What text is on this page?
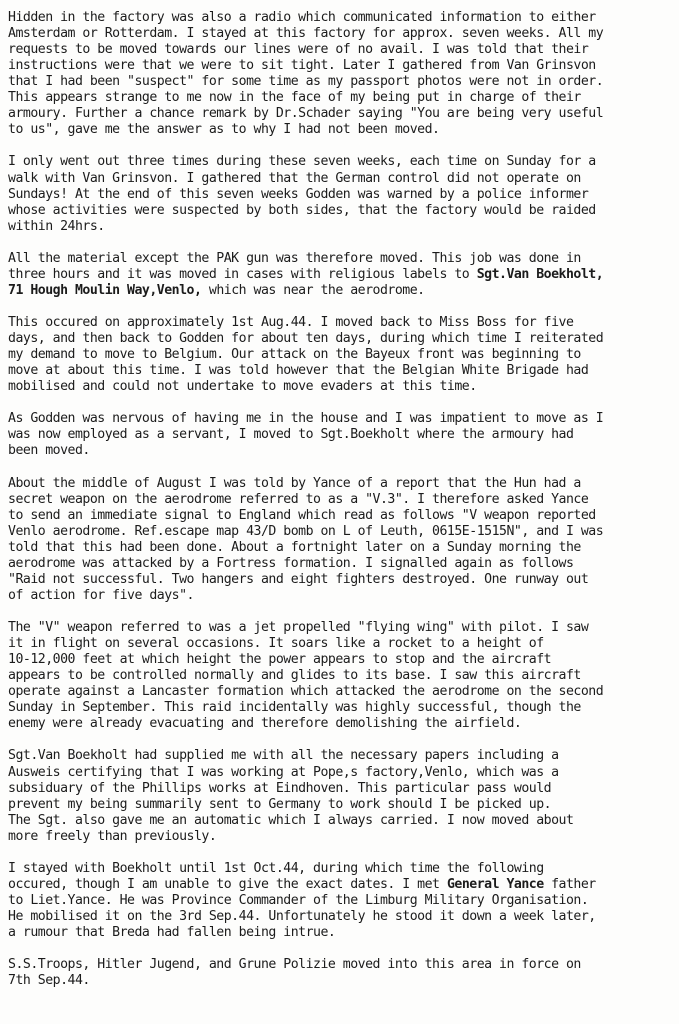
Hidden in the factory was also a radio which communicated information to either
Amsterdam or Rotterdam. I stayed at this factory for approx. seven weeks. All my
requests to be moved towards our lines were of no avail. I was told that their
instructions were that we were to sit tight. Later I gathered from Van Grinsvon
that I had been "suspect" for some time as my passport photos were not in order.
This appears strange to me now in the face of my being put in charge of their
armoury. Further a chance remark by Dr.Schader saying "You are being very useful
to us", gave me the answer as to why I had not been moved.
I only went out three times during these seven weeks, each time on Sunday for a
walk with Van Grinsvon. I gathered that the German control did not operate on
Sundays! At the end of this seven weeks Godden was warned by a police informer
whose activities were suspected by both sides, that the factory would be raided
within 24hrs.
All the material except the PAK gun was therefore moved. This job was done in
three hours and it was moved in cases with religious labels to Sgt.Van Boekholt,
71 Hough Moulin Way,Venlo, which was near the aerodrome.
This occured on approximately 1st Aug.44. I moved back to Miss Boss for five
days, and then back to Godden for about ten days, during which time I reiterated
my demand to move to Belgium. Our attack on the Bayeux front was beginning to
move at about this time. I was told however that the Belgian White Brigade had
mobilised and could not undertake to move evaders at this time.
As Godden was nervous of having me in the house and I was impatient to move as I
was now employed as a servant, I moved to Sgt.Boekholt where the armoury had
been moved.
About the middle of August I was told by Yance of a report that the Hun had a
secret weapon on the aerodrome referred to as a "V.3". I therefore asked Yance
to send an immediate signal to England which read as follows "V weapon reported
Venlo aerodrome. Ref.escape map 43/D bomb on L of Leuth, 0615E-1515N", and I was
told that this had been done. About a fortnight later on a Sunday morning the
aerodrome was attacked by a Fortress formation. I signalled again as follows
"Raid not successful. Two hangers and eight fighters destroyed. One runway out
of action for five days".
The "V" weapon referred to was a jet propelled "flying wing" with pilot. I saw
it in flight on several occasions. It soars like a rocket to a height of
10-12,000 feet at which height the power appears to stop and the aircraft
appears to be controlled normally and glides to its base. I saw this aircraft
operate against a Lancaster formation which attacked the aerodrome on the second
Sunday in September. This raid incidentally was highly successful, though the
enemy were already evacuating and therefore demolishing the airfield.
Sgt.Van Boekholt had supplied me with all the necessary papers including a
Ausweis certifying that I was working at Pope,s factory,Venlo, which was a
subsiduary of the Phillips works at Eindhoven. This particular pass would
prevent my being summarily sent to Germany to work should I be picked up.
The Sgt. also gave me an automatic which I always carried. I now moved about
more freely than previously.
I stayed with Boekholt until 1st Oct.44, during which time the following
occured, though I am unable to give the exact dates. I met General Yance father
to Liet.Yance. He was Province Commander of the Limburg Military Organisation.
He mobilised it on the 3rd Sep.44. Unfortunately he stood it down a week later,
a rumour that Breda had fallen being intrue.
S.S.Troops, Hitler Jugend, and Grune Polizie moved into this area in force on
7th Sep.44.
